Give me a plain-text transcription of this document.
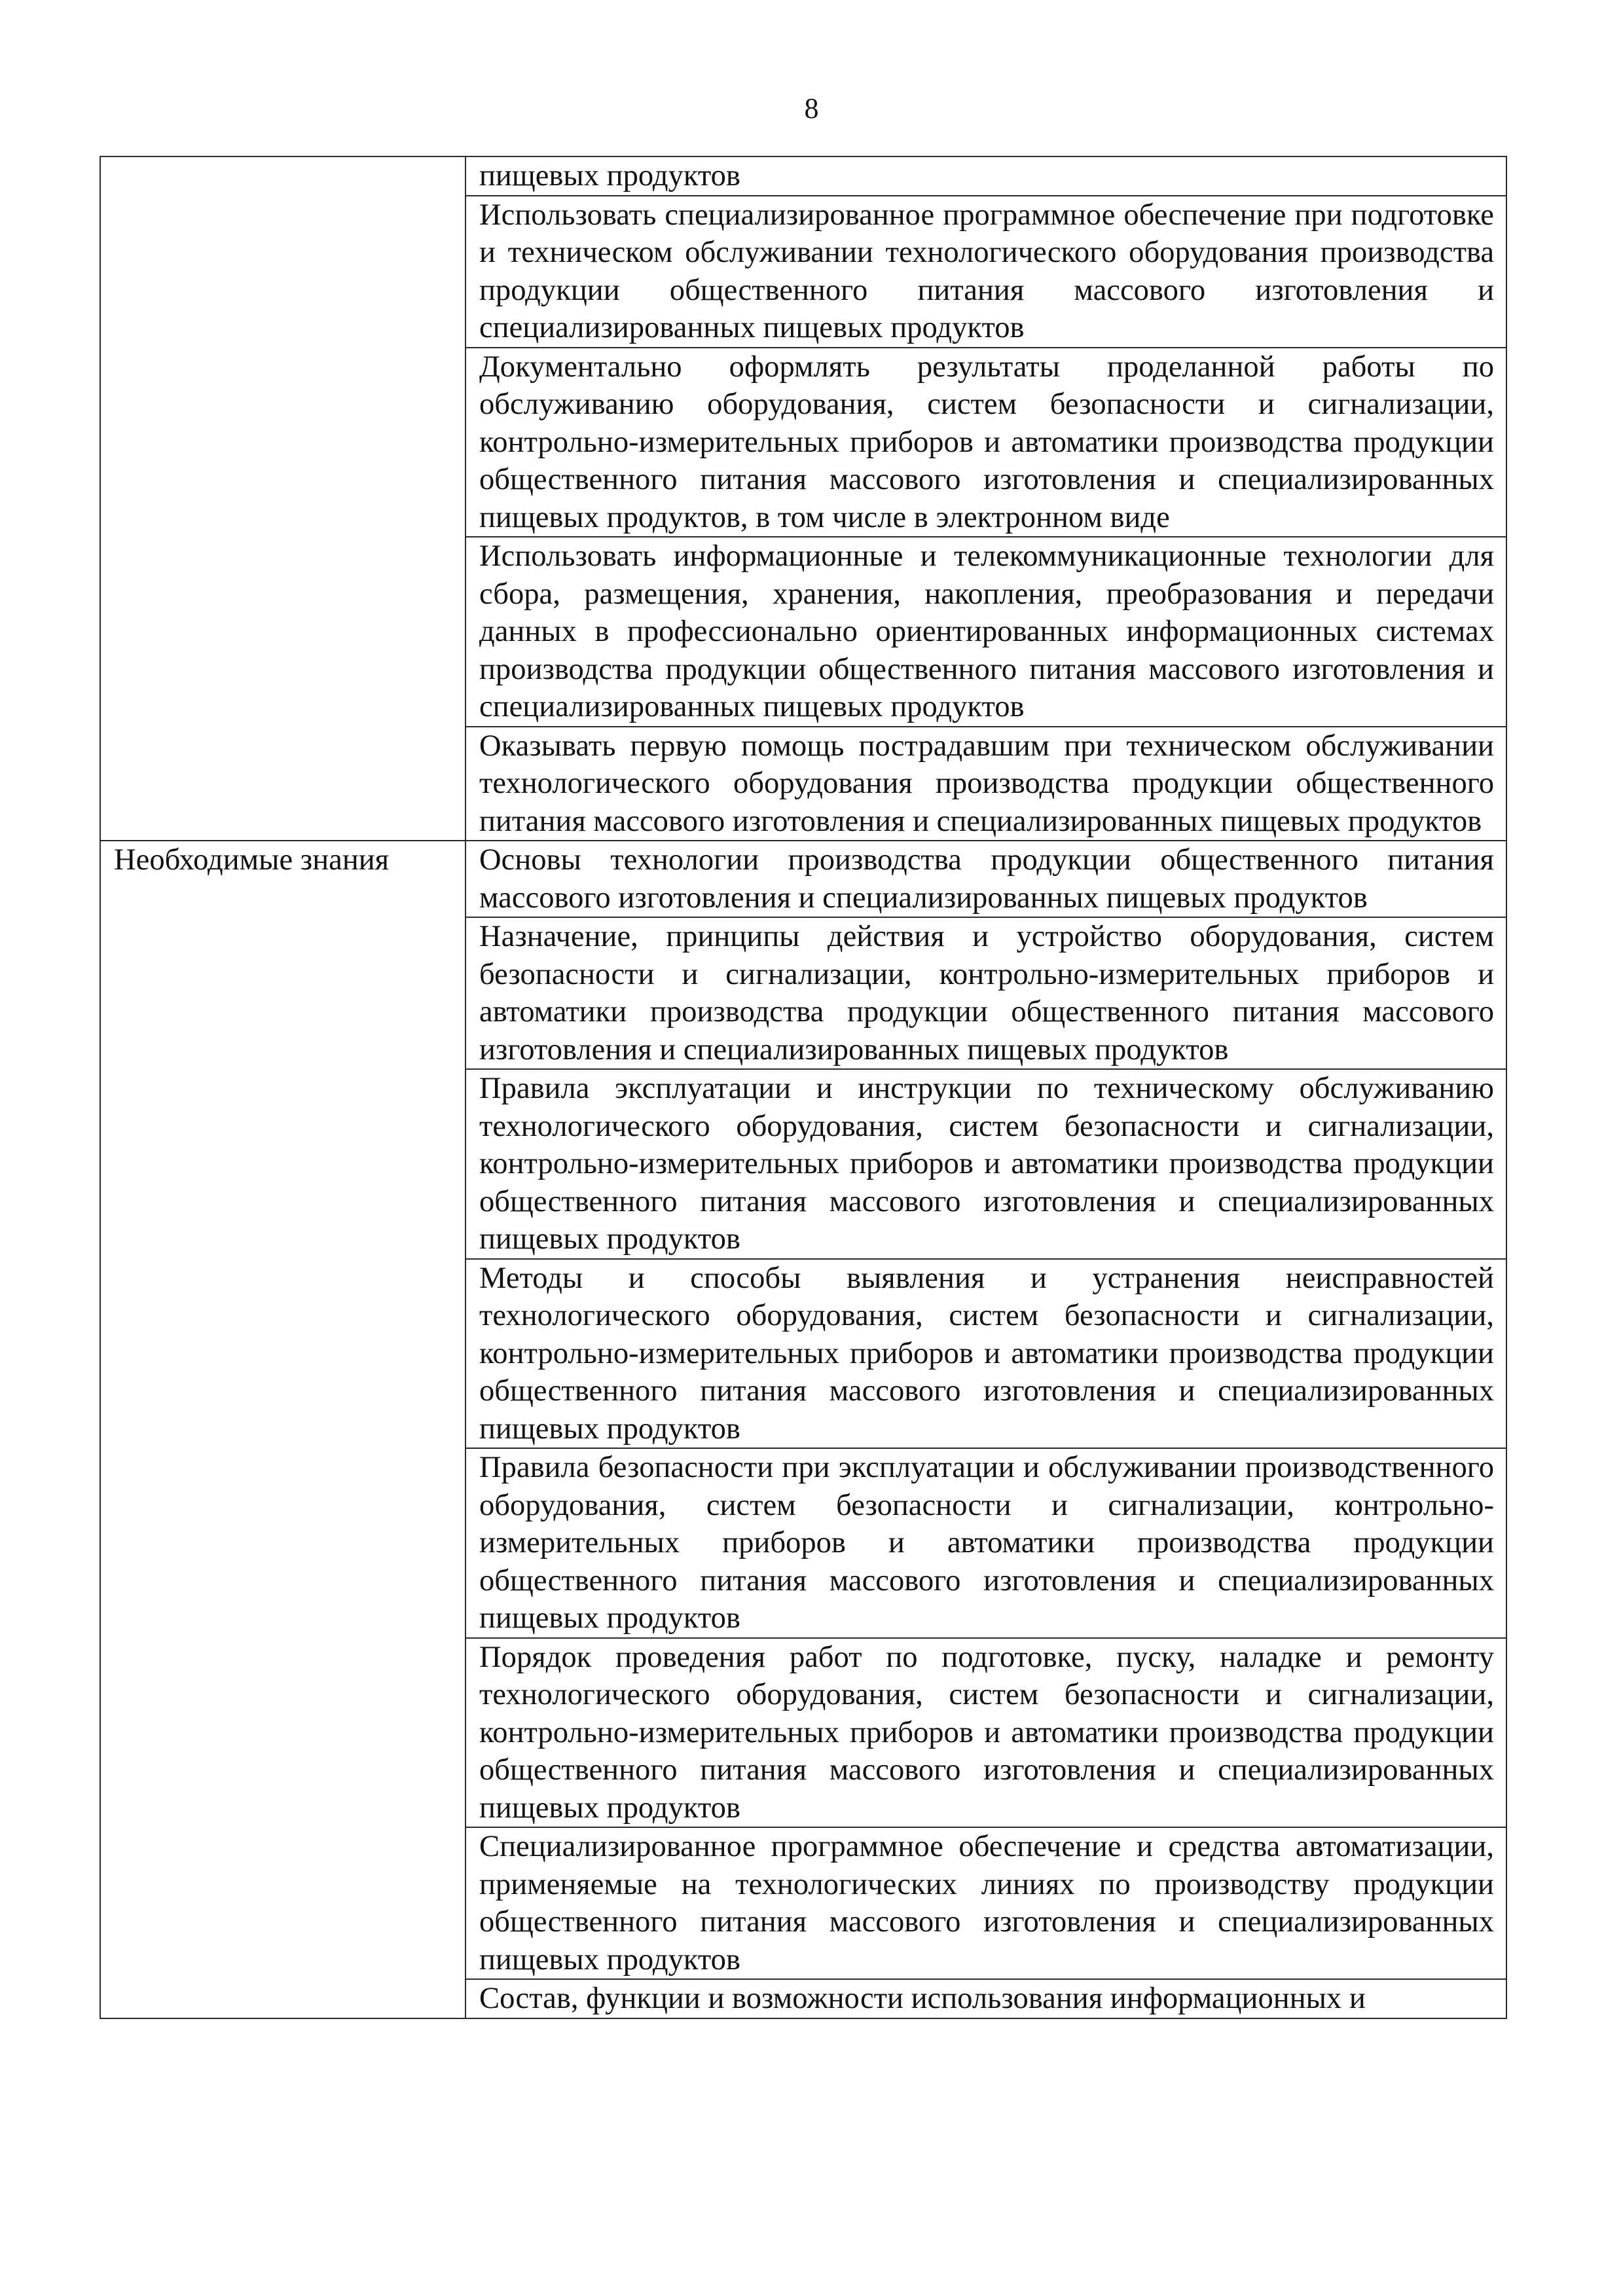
8

	пищевых продуктов

	Использовать специализированное программное обеспечение при подготовке и техническом обслуживании технологического оборудования производства продукции общественного питания массового изготовления и специализированных пищевых продуктов

	Документально оформлять результаты проделанной работы по обслуживанию оборудования, систем безопасности и сигнализации, контрольно-измерительных приборов и автоматики производства продукции общественного питания массового изготовления и специализированных пищевых продуктов, в том числе в электронном виде

	Использовать информационные и телекоммуникационные технологии для сбора, размещения, хранения, накопления, преобразования и передачи данных в профессионально ориентированных информационных системах производства продукции общественного питания массового изготовления и специализированных пищевых продуктов

	Оказывать первую помощь пострадавшим при техническом обслуживании технологического оборудования производства продукции общественного питания массового изготовления и специализированных пищевых продуктов

Необходимые знания	Основы технологии производства продукции общественного питания массового изготовления и специализированных пищевых продуктов

	Назначение, принципы действия и устройство оборудования, систем безопасности и сигнализации, контрольно-измерительных приборов и автоматики производства продукции общественного питания массового изготовления и специализированных пищевых продуктов

	Правила эксплуатации и инструкции по техническому обслуживанию технологического оборудования, систем безопасности и сигнализации, контрольно-измерительных приборов и автоматики производства продукции общественного питания массового изготовления и специализированных пищевых продуктов

	Методы и способы выявления и устранения неисправностей технологического оборудования, систем безопасности и сигнализации, контрольно-измерительных приборов и автоматики производства продукции общественного питания массового изготовления и специализированных пищевых продуктов

	Правила безопасности при эксплуатации и обслуживании производственного оборудования, систем безопасности и сигнализации, контрольно-измерительных приборов и автоматики производства продукции общественного питания массового изготовления и специализированных пищевых продуктов

	Порядок проведения работ по подготовке, пуску, наладке и ремонту технологического оборудования, систем безопасности и сигнализации, контрольно-измерительных приборов и автоматики производства продукции общественного питания массового изготовления и специализированных пищевых продуктов

	Специализированное программное обеспечение и средства автоматизации, применяемые на технологических линиях по производству продукции общественного питания массового изготовления и специализированных пищевых продуктов

	Состав, функции и возможности использования информационных и
